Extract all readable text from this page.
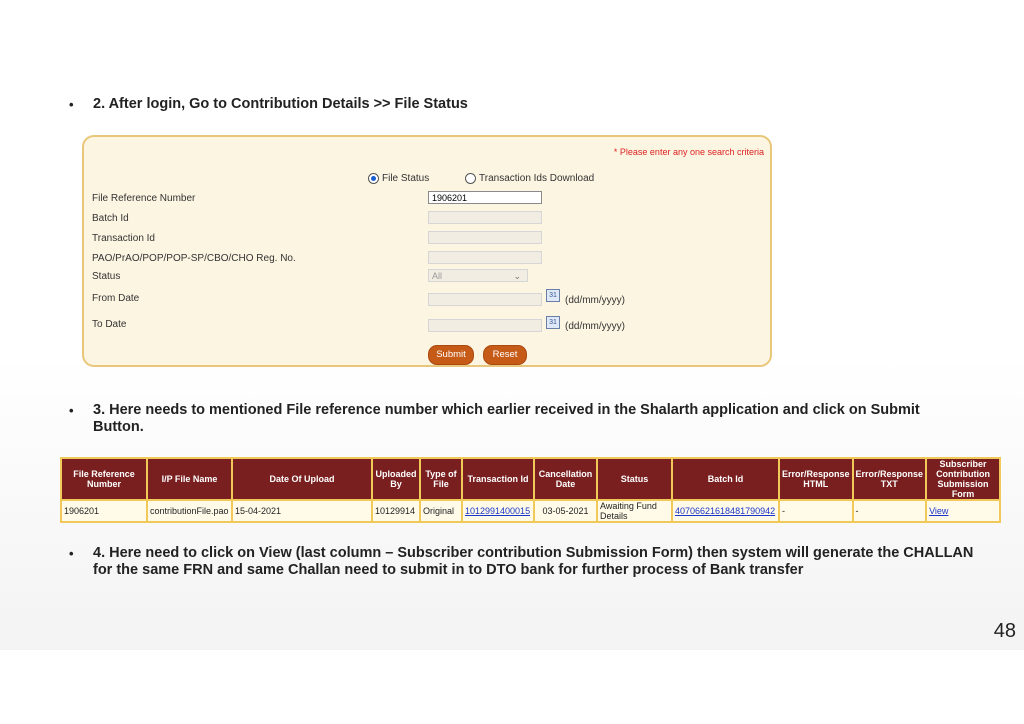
• 2. After login, Go to Contribution Details >> File Status
* Please enter any one search criteria
File Status	Transaction Ids Download
File Reference Number	1906201
Batch Id
Transaction Id
PAO/PrAO/POP/POP-SP/CBO/CHO Reg. No.
Status	All	⌄
From Date	31 (dd/mm/yyyy)
To Date	31 (dd/mm/yyyy)
Submit	Reset
• 3. Here needs to mentioned File reference number which earlier received in the Shalarth application and click on Submit
Button.
File Reference Number	I/P File Name	Date Of Upload	Uploaded By	Type of File	Transaction Id	Cancellation Date	Status	Batch Id	Error/Response HTML	Error/Response TXT	Subscriber Contribution Submission Form
1906201	contributionFile.pao	15-04-2021	10129914	Original	1012991400015	03-05-2021	Awaiting Fund Details	40706621618481790942	-	-	View
• 4. Here need to click on View (last column – Subscriber contribution Submission Form) then system will generate the CHALLAN
for the same FRN and same Challan need to submit in to DTO bank for further process of Bank transfer
48
